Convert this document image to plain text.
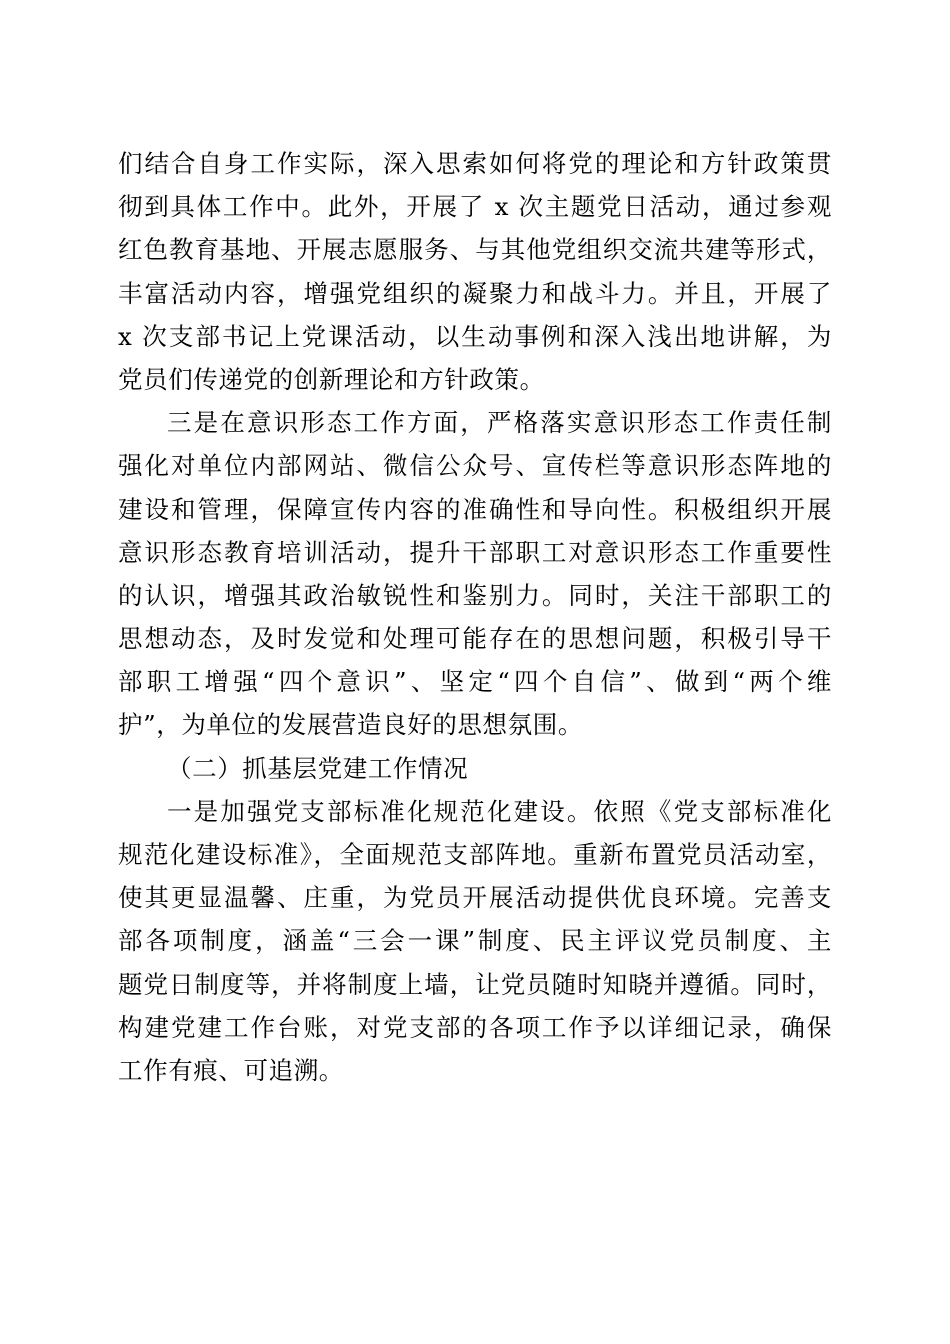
们结合自身工作实际，深入思索如何将党的理论和方针政策贯
彻到具体工作中。此外，开展了 x 次主题党日活动，通过参观
红色教育基地、开展志愿服务、与其他党组织交流共建等形式，
丰富活动内容，增强党组织的凝聚力和战斗力。并且，开展了
x 次支部书记上党课活动，以生动事例和深入浅出地讲解，为
党员们传递党的创新理论和方针政策。
三是在意识形态工作方面，严格落实意识形态工作责任制
强化对单位内部网站、微信公众号、宣传栏等意识形态阵地的
建设和管理，保障宣传内容的准确性和导向性。积极组织开展
意识形态教育培训活动，提升干部职工对意识形态工作重要性
的认识，增强其政治敏锐性和鉴别力。同时，关注干部职工的
思想动态，及时发觉和处理可能存在的思想问题，积极引导干
部职工增强“四个意识”、坚定“四个自信”、做到“两个维
护”，为单位的发展营造良好的思想氛围。
（二）抓基层党建工作情况
一是加强党支部标准化规范化建设。依照《党支部标准化
规范化建设标准》，全面规范支部阵地。重新布置党员活动室，
使其更显温馨、庄重，为党员开展活动提供优良环境。完善支
部各项制度，涵盖“三会一课”制度、民主评议党员制度、主
题党日制度等，并将制度上墙，让党员随时知晓并遵循。同时，
构建党建工作台账，对党支部的各项工作予以详细记录，确保
工作有痕、可追溯。
